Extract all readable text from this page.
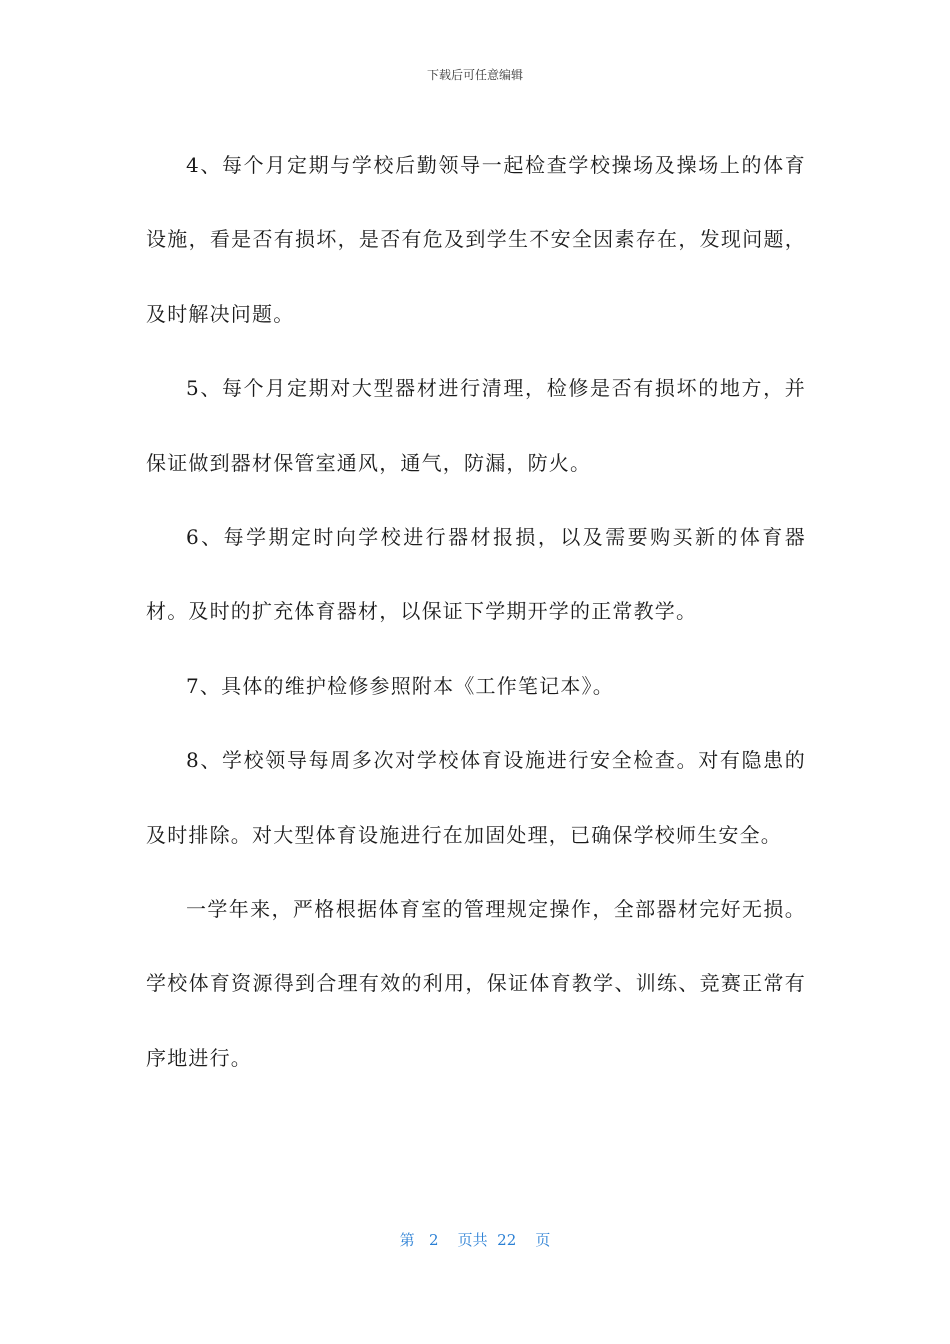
下载后可任意编辑

4、每个月定期与学校后勤领导一起检查学校操场及操场上的体育设施，看是否有损坏，是否有危及到学生不安全因素存在，发现问题，及时解决问题。

5、每个月定期对大型器材进行清理，检修是否有损坏的地方，并保证做到器材保管室通风，通气，防漏，防火。

6、每学期定时向学校进行器材报损，以及需要购买新的体育器材。及时的扩充体育器材，以保证下学期开学的正常教学。

7、具体的维护检修参照附本《工作笔记本》。

8、学校领导每周多次对学校体育设施进行安全检查。对有隐患的及时排除。对大型体育设施进行在加固处理，已确保学校师生安全。

一学年来，严格根据体育室的管理规定操作，全部器材完好无损。学校体育资源得到合理有效的利用，保证体育教学、训练、竞赛正常有序地进行。

第 2 页共 22 页
